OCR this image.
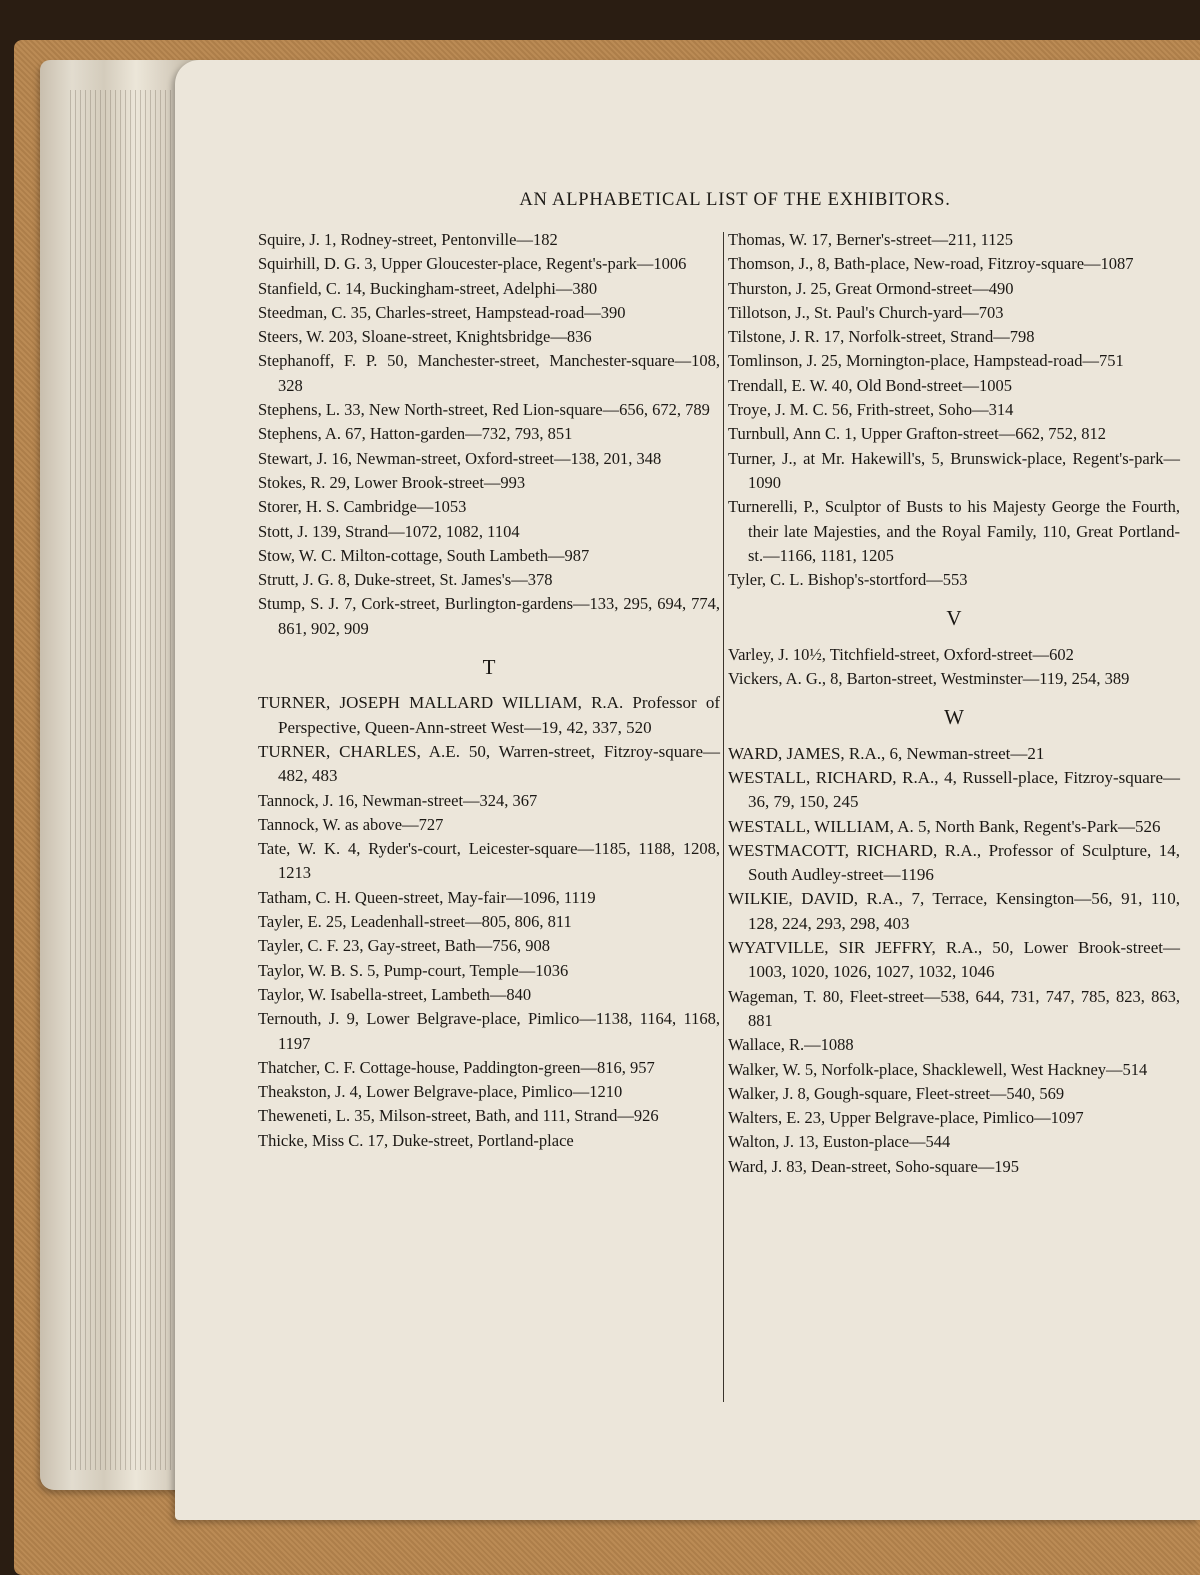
AN ALPHABETICAL LIST OF THE EXHIBITORS.
Squire, J. 1, Rodney-street, Pentonville—182
Squirhill, D. G. 3, Upper Gloucester-place, Regent's-park—1006
Stanfield, C. 14, Buckingham-street, Adelphi—380
Steedman, C. 35, Charles-street, Hampstead-road—390
Steers, W. 203, Sloane-street, Knightsbridge—836
Stephanoff, F. P. 50, Manchester-street, Manchester-square—108, 328
Stephens, L. 33, New North-street, Red Lion-square—656, 672, 789
Stephens, A. 67, Hatton-garden—732, 793, 851
Stewart, J. 16, Newman-street, Oxford-street—138, 201, 348
Stokes, R. 29, Lower Brook-street—993
Storer, H. S. Cambridge—1053
Stott, J. 139, Strand—1072, 1082, 1104
Stow, W. C. Milton-cottage, South Lambeth—987
Strutt, J. G. 8, Duke-street, St. James's—378
Stump, S. J. 7, Cork-street, Burlington-gardens—133, 295, 694, 774, 861, 902, 909
T
TURNER, JOSEPH MALLARD WILLIAM, R.A. Professor of Perspective, Queen-Ann-street West—19, 42, 337, 520
TURNER, CHARLES, A.E. 50, Warren-street, Fitzroy-square—482, 483
Tannock, J. 16, Newman-street—324, 367
Tannock, W. as above—727
Tate, W. K. 4, Ryder's-court, Leicester-square—1185, 1188, 1208, 1213
Tatham, C. H. Queen-street, May-fair—1096, 1119
Tayler, E. 25, Leadenhall-street—805, 806, 811
Tayler, C. F. 23, Gay-street, Bath—756, 908
Taylor, W. B. S. 5, Pump-court, Temple—1036
Taylor, W. Isabella-street, Lambeth—840
Ternouth, J. 9, Lower Belgrave-place, Pimlico—1138, 1164, 1168, 1197
Thatcher, C. F. Cottage-house, Paddington-green—816, 957
Theakston, J. 4, Lower Belgrave-place, Pimlico—1210
Theweneti, L. 35, Milson-street, Bath, and 111, Strand—926
Thicke, Miss C. 17, Duke-street, Portland-place
Thomas, W. 17, Berner's-street—211, 1125
Thomson, J., 8, Bath-place, New-road, Fitzroy-square—1087
Thurston, J. 25, Great Ormond-street—490
Tillotson, J., St. Paul's Church-yard—703
Tilstone, J. R. 17, Norfolk-street, Strand—798
Tomlinson, J. 25, Mornington-place, Hampstead-road—751
Trendall, E. W. 40, Old Bond-street—1005
Troye, J. M. C. 56, Frith-street, Soho—314
Turnbull, Ann C. 1, Upper Grafton-street—662, 752, 812
Turner, J., at Mr. Hakewill's, 5, Brunswick-place, Regent's-park—1090
Turnerelli, P., Sculptor of Busts to his Majesty George the Fourth, their late Majesties, and the Royal Family, 110, Great Portland-st.—1166, 1181, 1205
Tyler, C. L. Bishop's-stortford—553
V
Varley, J. 10½, Titchfield-street, Oxford-street—602
Vickers, A. G., 8, Barton-street, Westminster—119, 254, 389
W
WARD, JAMES, R.A., 6, Newman-street—21
WESTALL, RICHARD, R.A., 4, Russell-place, Fitzroy-square—36, 79, 150, 245
WESTALL, WILLIAM, A. 5, North Bank, Regent's-Park—526
WESTMACOTT, RICHARD, R.A., Professor of Sculpture, 14, South Audley-street—1196
WILKIE, DAVID, R.A., 7, Terrace, Kensington—56, 91, 110, 128, 224, 293, 298, 403
WYATVILLE, SIR JEFFRY, R.A., 50, Lower Brook-street—1003, 1020, 1026, 1027, 1032, 1046
Wageman, T. 80, Fleet-street—538, 644, 731, 747, 785, 823, 863, 881
Wallace, R.—1088
Walker, W. 5, Norfolk-place, Shacklewell, West Hackney—514
Walker, J. 8, Gough-square, Fleet-street—540, 569
Walters, E. 23, Upper Belgrave-place, Pimlico—1097
Walton, J. 13, Euston-place—544
Ward, J. 83, Dean-street, Soho-square—195
